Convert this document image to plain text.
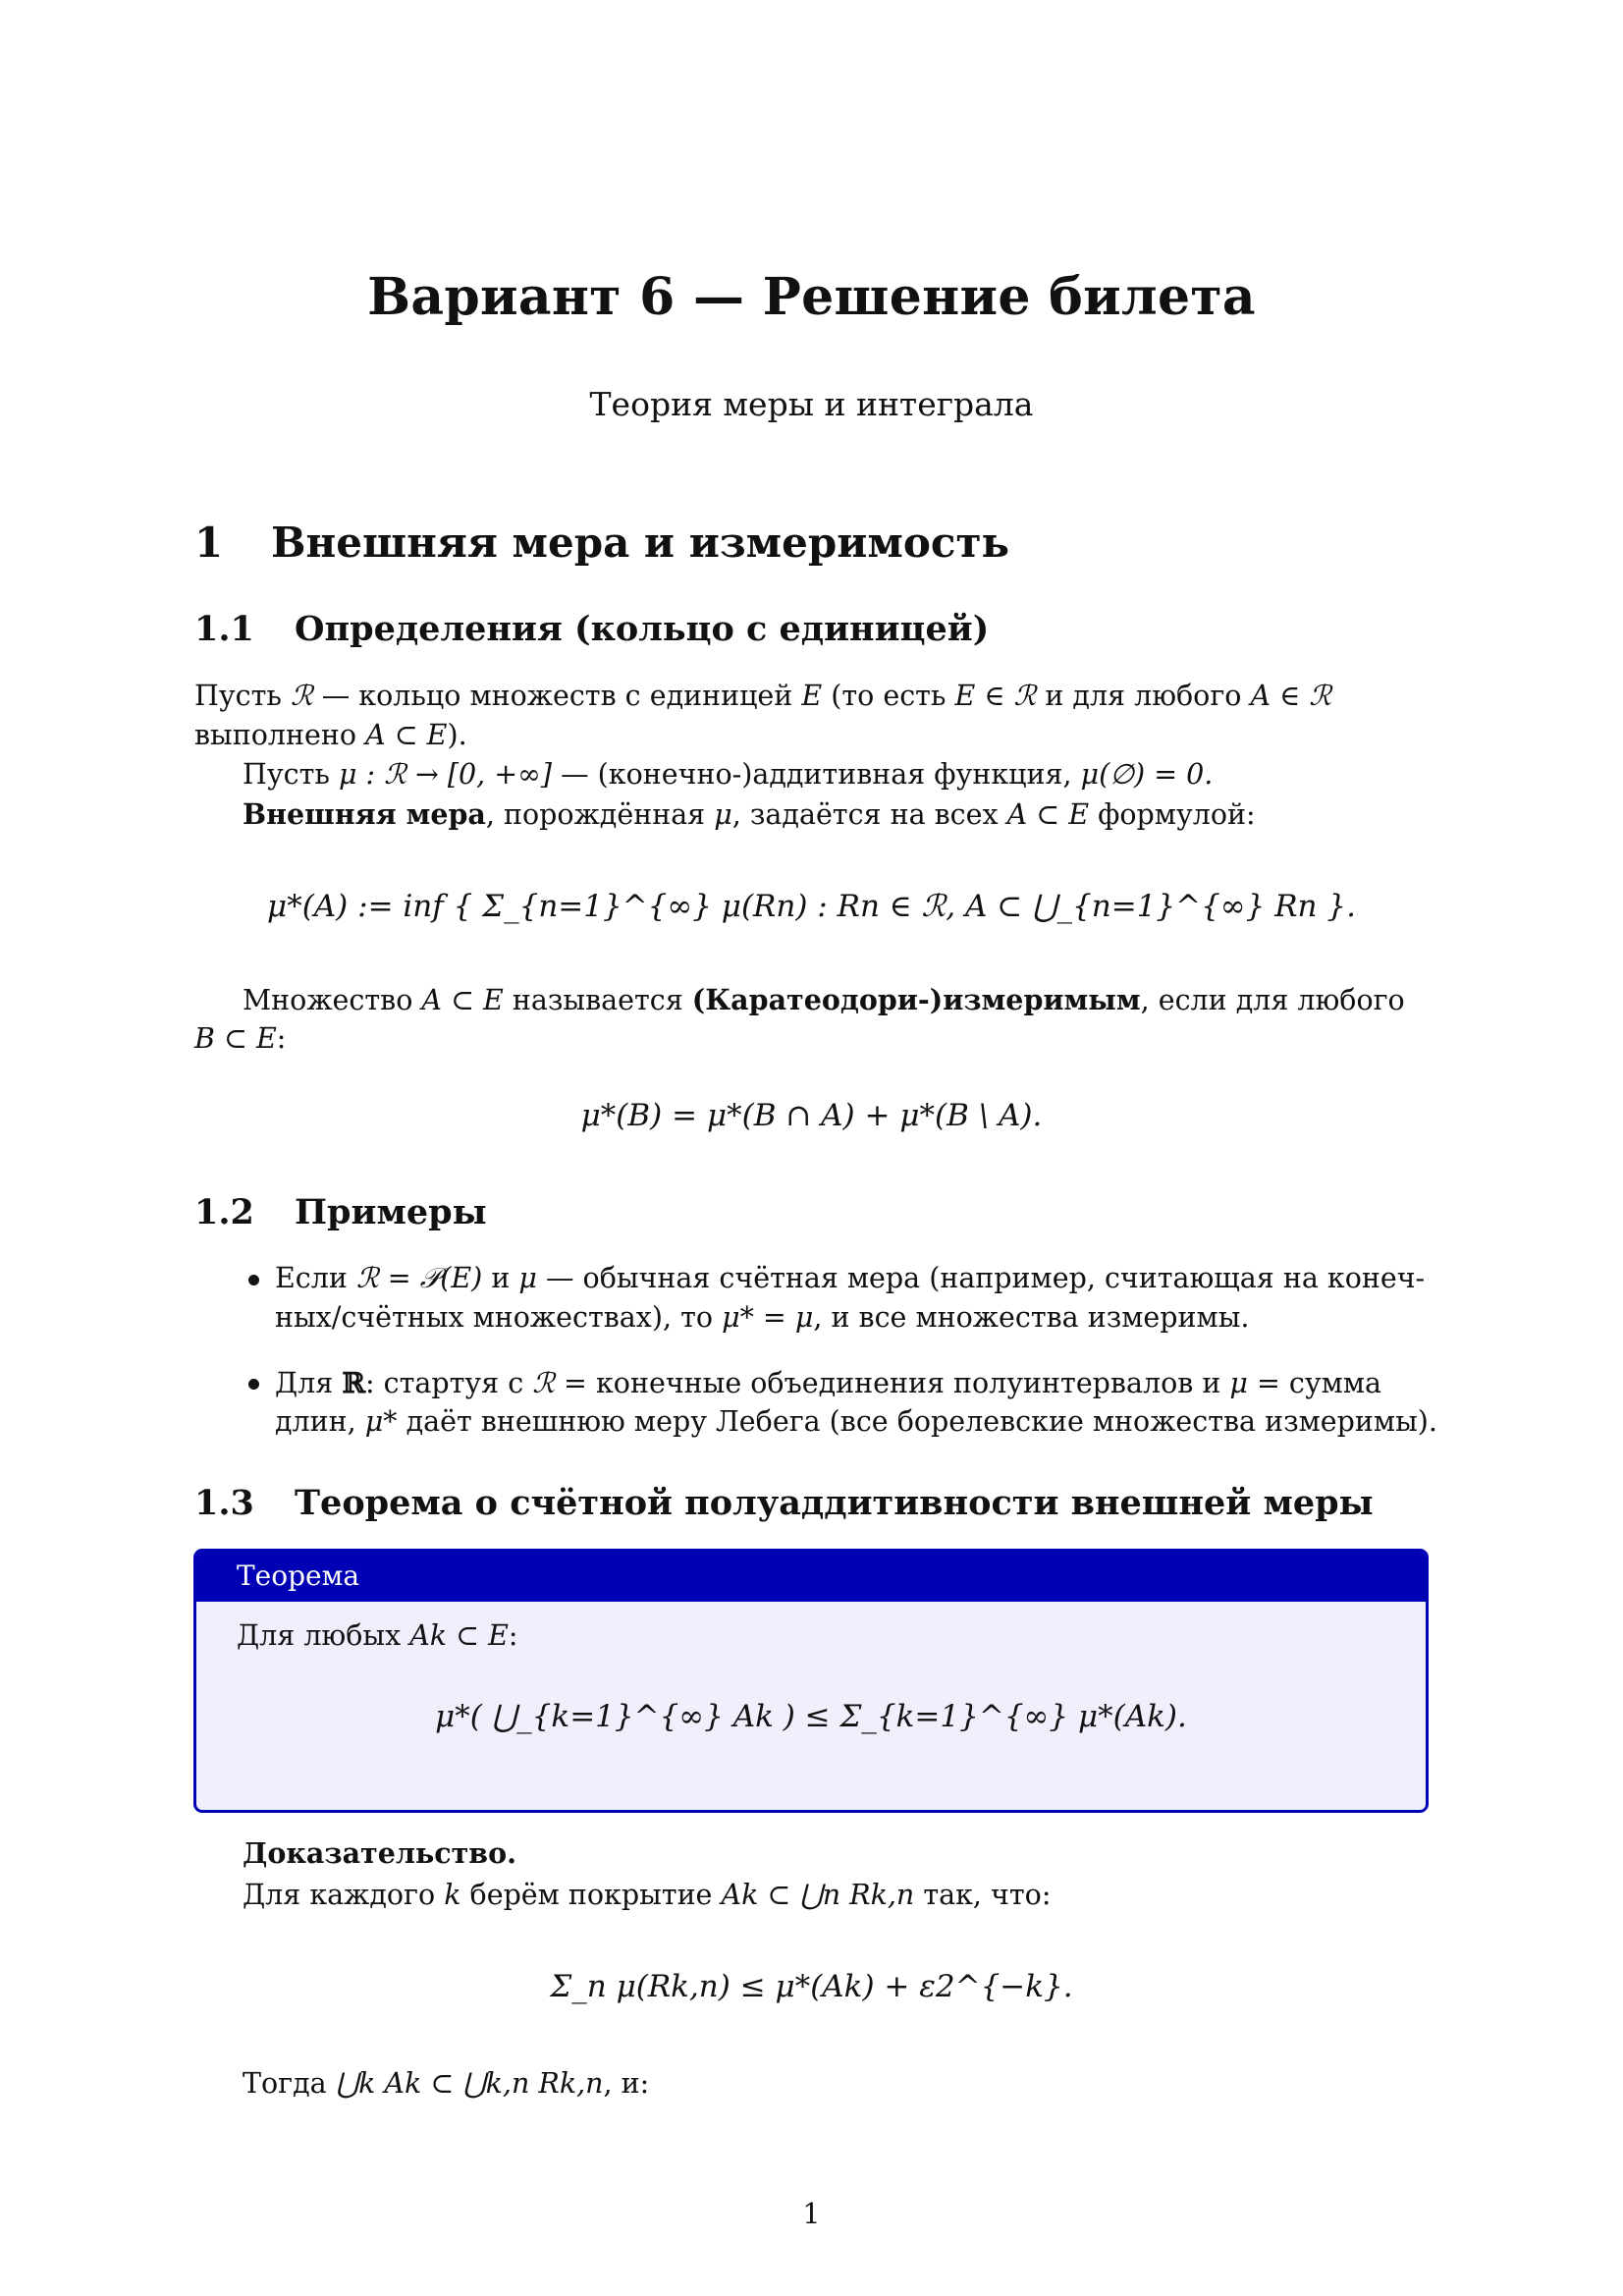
Вариант 6 — Решение билета
Теория меры и интеграла
1 Внешняя мера и измеримость
1.1 Определения (кольцо с единицей)
Пусть ℛ — кольцо множеств с единицей E (то есть E ∈ ℛ и для любого A ∈ ℛ
выполнено A ⊂ E).
Пусть μ : ℛ → [0, +∞] — (конечно-)аддитивная функция, μ(∅) = 0.
Внешняя мера, порождённая μ, задаётся на всех A ⊂ E формулой:
μ*(A) := inf { Σ_{n=1}^{∞} μ(Rn) : Rn ∈ ℛ, A ⊂ ⋃_{n=1}^{∞} Rn }.
Множество A ⊂ E называется (Каратеодори-)измеримым, если для любого
B ⊂ E:
μ*(B) = μ*(B ∩ A) + μ*(B \ A).
1.2 Примеры
Если ℛ = 𝒫(E) и μ — обычная счётная мера (например, считающая на конеч-
ных/счётных множествах), то μ* = μ, и все множества измеримы.
Для ℝ: стартуя с ℛ = конечные объединения полуинтервалов и μ = сумма
длин, μ* даёт внешнюю меру Лебега (все борелевские множества измеримы).
1.3 Теорема о счётной полуаддитивности внешней меры
Теорема
Для любых Ak ⊂ E:
μ*( ⋃_{k=1}^{∞} Ak ) ≤ Σ_{k=1}^{∞} μ*(Ak).
Доказательство.
Для каждого k берём покрытие Ak ⊂ ⋃n Rk,n так, что:
Σ_n μ(Rk,n) ≤ μ*(Ak) + ε2^{−k}.
Тогда ⋃k Ak ⊂ ⋃k,n Rk,n, и:
1
